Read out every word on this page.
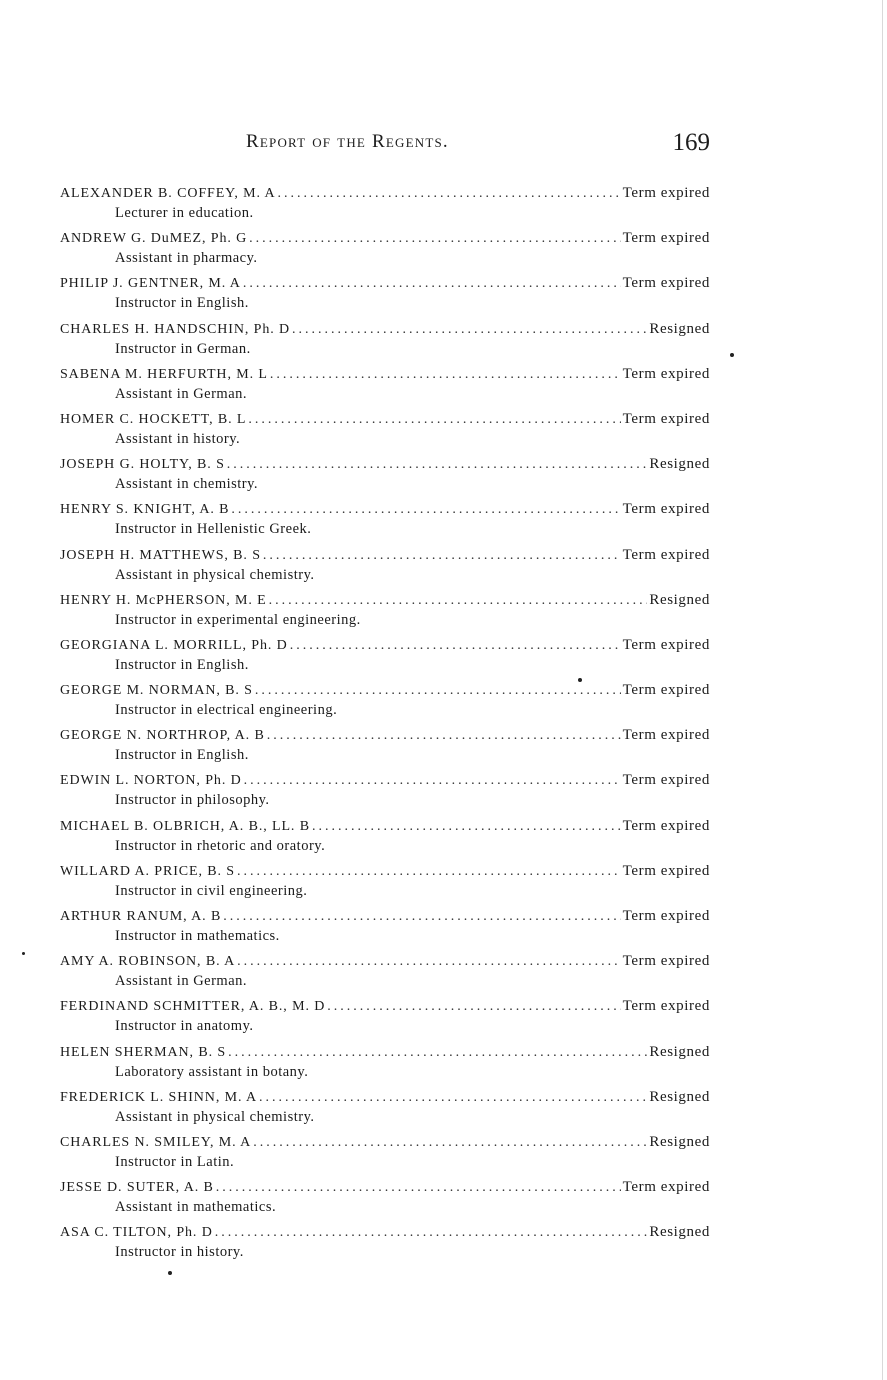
Report of the Regents.	169
ALEXANDER B. COFFEY, M. A .....	Term expired
Lecturer in education.
ANDREW G. DuMEZ, Ph. G .....	Term expired
Assistant in pharmacy.
PHILIP J. GENTNER, M. A .....	Term expired
Instructor in English.
CHARLES H. HANDSCHIN, Ph. D .....	Resigned
Instructor in German.
SABENA M. HERFURTH, M. L .....	Term expired
Assistant in German.
HOMER C. HOCKETT, B. L .....	Term expired
Assistant in history.
JOSEPH G. HOLTY, B. S .....	Resigned
Assistant in chemistry.
HENRY S. KNIGHT, A. B .....	Term expired
Instructor in Hellenistic Greek.
JOSEPH H. MATTHEWS, B. S .....	Term expired
Assistant in physical chemistry.
HENRY H. McPHERSON, M. E .....	Resigned
Instructor in experimental engineering.
GEORGIANA L. MORRILL, Ph. D .....	Term expired
Instructor in English.
GEORGE M. NORMAN, B. S .....	Term expired
Instructor in electrical engineering.
GEORGE N. NORTHROP, A. B .....	Term expired
Instructor in English.
EDWIN L. NORTON, Ph. D .....	Term expired
Instructor in philosophy.
MICHAEL B. OLBRICH, A. B., LL. B .....	Term expired
Instructor in rhetoric and oratory.
WILLARD A. PRICE, B. S .....	Term expired
Instructor in civil engineering.
ARTHUR RANUM, A. B .....	Term expired
Instructor in mathematics.
AMY A. ROBINSON, B. A .....	Term expired
Assistant in German.
FERDINAND SCHMITTER, A. B., M. D .....	Term expired
Instructor in anatomy.
HELEN SHERMAN, B. S .....	Resigned
Laboratory assistant in botany.
FREDERICK L. SHINN, M. A .....	Resigned
Assistant in physical chemistry.
CHARLES N. SMILEY, M. A .....	Resigned
Instructor in Latin.
JESSE D. SUTER, A. B .....	Term expired
Assistant in mathematics.
ASA C. TILTON, Ph. D .....	Resigned
Instructor in history.
